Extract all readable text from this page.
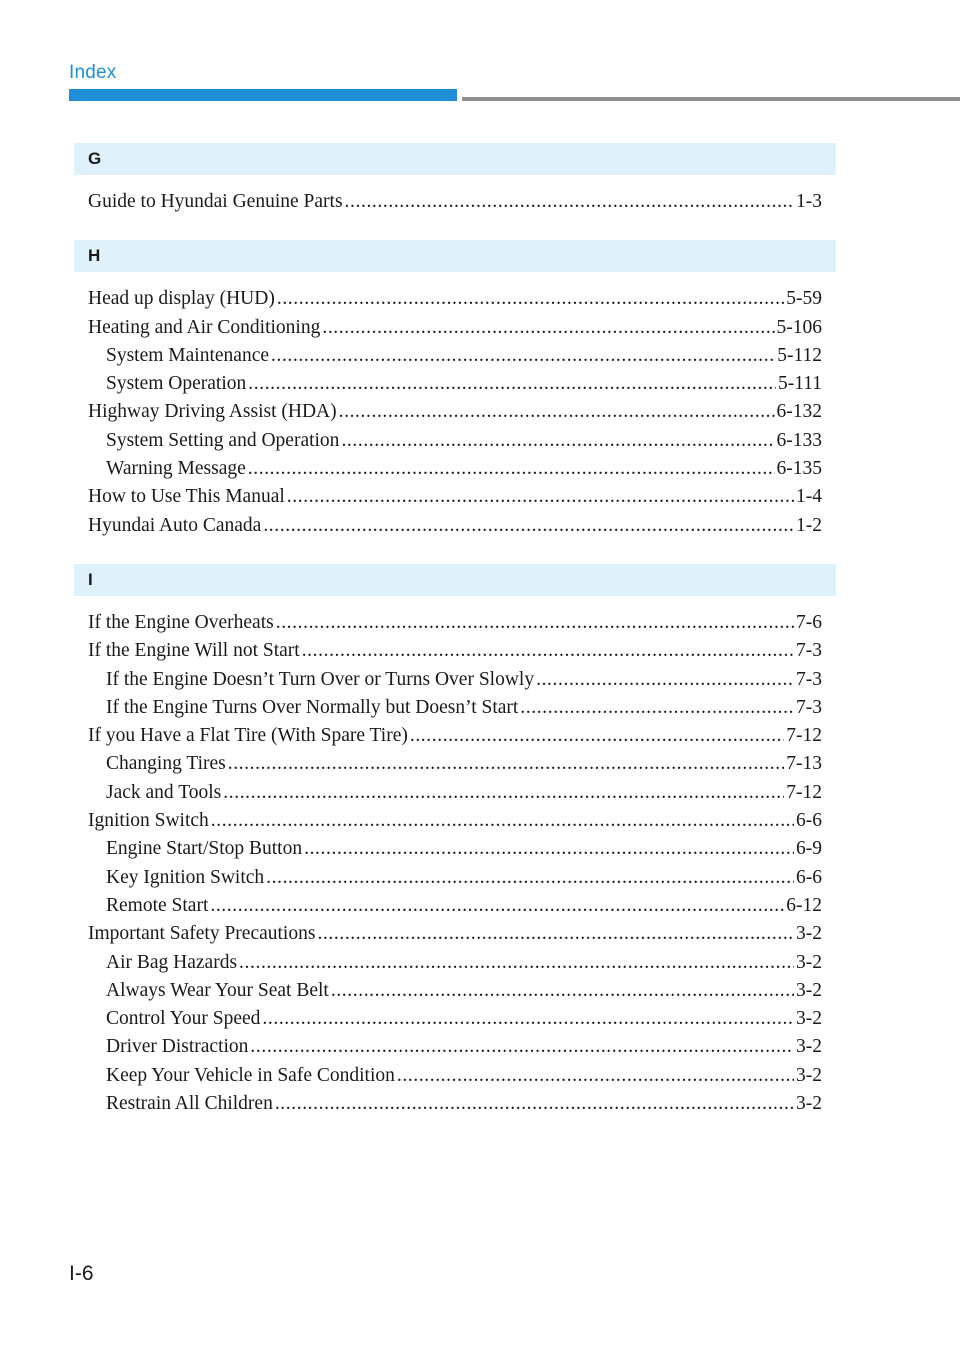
Index
G
Guide to Hyundai Genuine Parts .....	1-3
H
Head up display (HUD) .....	5-59
Heating and Air Conditioning .....	5-106
System Maintenance .....	5-112
System Operation .....	5-111
Highway Driving Assist (HDA) .....	6-132
System Setting and Operation .....	6-133
Warning Message .....	6-135
How to Use This Manual .....	1-4
Hyundai Auto Canada .....	1-2
I
If the Engine Overheats .....	7-6
If the Engine Will not Start .....	7-3
If the Engine Doesn’t Turn Over or Turns Over Slowly .....	7-3
If the Engine Turns Over Normally but Doesn’t Start .....	7-3
If you Have a Flat Tire (With Spare Tire) .....	7-12
Changing Tires .....	7-13
Jack and Tools .....	7-12
Ignition Switch .....	6-6
Engine Start/Stop Button .....	6-9
Key Ignition Switch .....	6-6
Remote Start .....	6-12
Important Safety Precautions .....	3-2
Air Bag Hazards .....	3-2
Always Wear Your Seat Belt .....	3-2
Control Your Speed .....	3-2
Driver Distraction .....	3-2
Keep Your Vehicle in Safe Condition .....	3-2
Restrain All Children .....	3-2
I-6
